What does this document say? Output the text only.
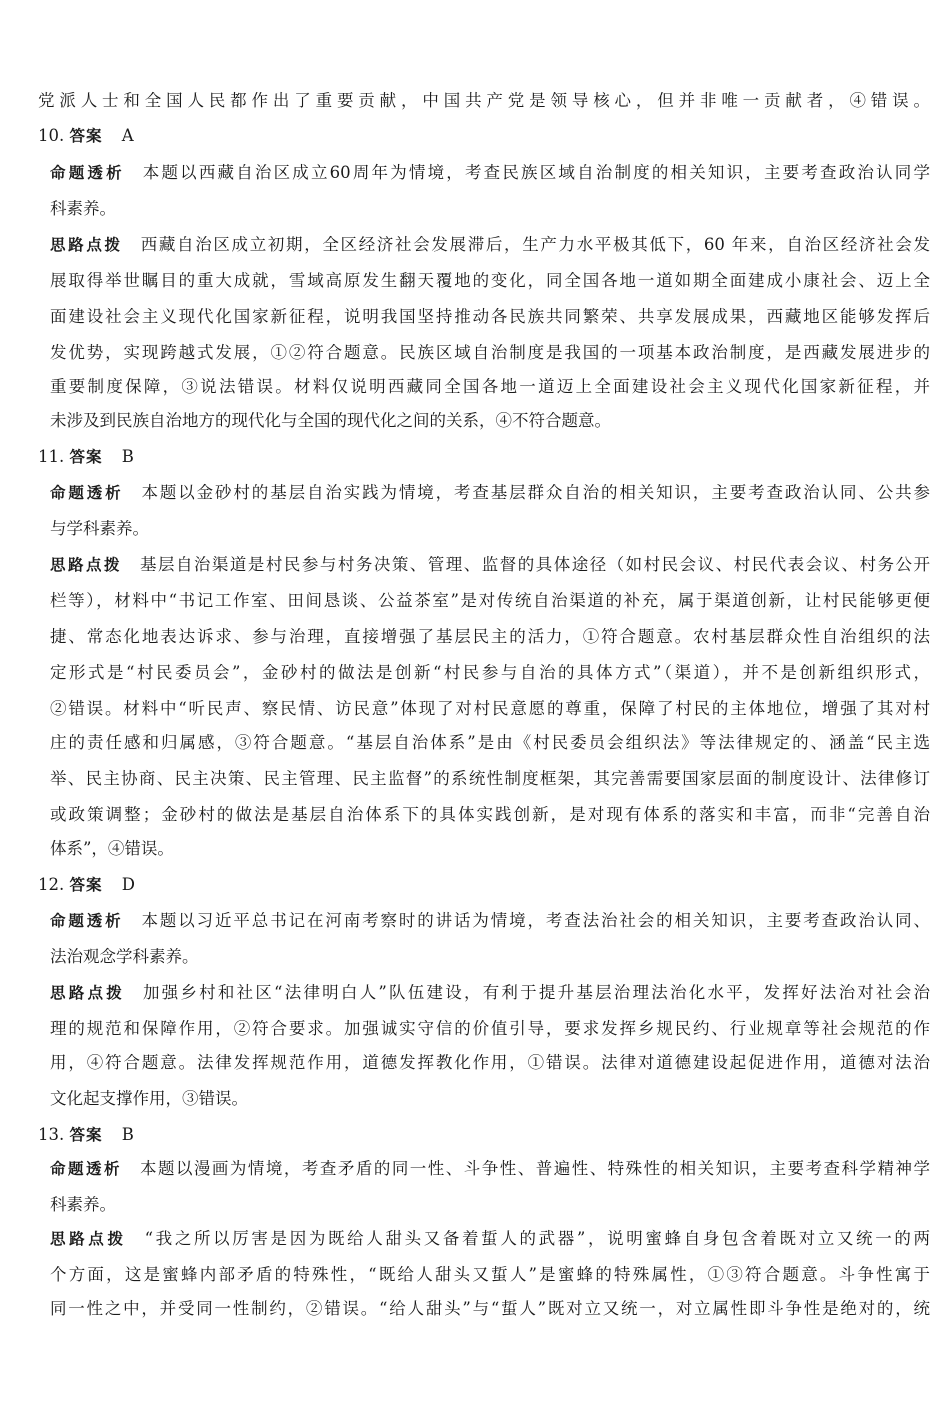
党派人士和全国人民都作出了重要贡献，中国共产党是领导核心，但并非唯一贡献者，④错误。
10. 答案 A
命题透析 本题以西藏自治区成立60周年为情境，考查民族区域自治制度的相关知识，主要考查政治认同学
科素养。
思路点拨 西藏自治区成立初期，全区经济社会发展滞后，生产力水平极其低下，60 年来，自治区经济社会发
展取得举世瞩目的重大成就，雪域高原发生翻天覆地的变化，同全国各地一道如期全面建成小康社会、迈上全
面建设社会主义现代化国家新征程，说明我国坚持推动各民族共同繁荣、共享发展成果，西藏地区能够发挥后
发优势，实现跨越式发展，①②符合题意。民族区域自治制度是我国的一项基本政治制度，是西藏发展进步的
重要制度保障，③说法错误。材料仅说明西藏同全国各地一道迈上全面建设社会主义现代化国家新征程，并
未涉及到民族自治地方的现代化与全国的现代化之间的关系，④不符合题意。
11. 答案 B
命题透析 本题以金砂村的基层自治实践为情境，考查基层群众自治的相关知识，主要考查政治认同、公共参
与学科素养。
思路点拨 基层自治渠道是村民参与村务决策、管理、监督的具体途径（如村民会议、村民代表会议、村务公开
栏等），材料中“书记工作室、田间恳谈、公益茶室”是对传统自治渠道的补充，属于渠道创新，让村民能够更便
捷、常态化地表达诉求、参与治理，直接增强了基层民主的活力，①符合题意。农村基层群众性自治组织的法
定形式是“村民委员会”，金砂村的做法是创新“村民参与自治的具体方式”（渠道），并不是创新组织形式，
②错误。材料中“听民声、察民情、访民意”体现了对村民意愿的尊重，保障了村民的主体地位，增强了其对村
庄的责任感和归属感，③符合题意。“基层自治体系”是由《村民委员会组织法》等法律规定的、涵盖“民主选
举、民主协商、民主决策、民主管理、民主监督”的系统性制度框架，其完善需要国家层面的制度设计、法律修订
或政策调整；金砂村的做法是基层自治体系下的具体实践创新，是对现有体系的落实和丰富，而非“完善自治
体系”，④错误。
12. 答案 D
命题透析 本题以习近平总书记在河南考察时的讲话为情境，考查法治社会的相关知识，主要考查政治认同、
法治观念学科素养。
思路点拨 加强乡村和社区“法律明白人”队伍建设，有利于提升基层治理法治化水平，发挥好法治对社会治
理的规范和保障作用，②符合要求。加强诚实守信的价值引导，要求发挥乡规民约、行业规章等社会规范的作
用，④符合题意。法律发挥规范作用，道德发挥教化作用，①错误。法律对道德建设起促进作用，道德对法治
文化起支撑作用，③错误。
13. 答案 B
命题透析 本题以漫画为情境，考查矛盾的同一性、斗争性、普遍性、特殊性的相关知识，主要考查科学精神学
科素养。
思路点拨 “我之所以厉害是因为既给人甜头又备着蜇人的武器”，说明蜜蜂自身包含着既对立又统一的两
个方面，这是蜜蜂内部矛盾的特殊性，“既给人甜头又蜇人”是蜜蜂的特殊属性，①③符合题意。斗争性寓于
同一性之中，并受同一性制约，②错误。“给人甜头”与“蜇人”既对立又统一，对立属性即斗争性是绝对的，统
